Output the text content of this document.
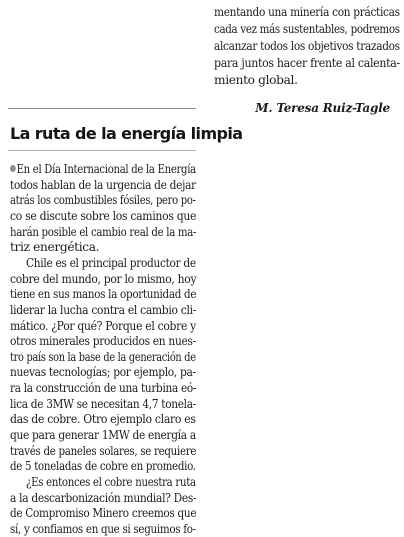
mentando una minería con prácticas
cada vez más sustentables, podremos
alcanzar todos los objetivos trazados
para juntos hacer frente al calenta-
miento global.
M. Teresa Ruiz-Tagle
La ruta de la energía limpia
En el Día Internacional de la Energía
todos hablan de la urgencia de dejar
atrás los combustibles fósiles, pero po-
co se discute sobre los caminos que
harán posible el cambio real de la ma-
triz energética.
Chile es el principal productor de
cobre del mundo, por lo mismo, hoy
tiene en sus manos la oportunidad de
liderar la lucha contra el cambio cli-
mático. ¿Por qué? Porque el cobre y
otros minerales producidos en nues-
tro país son la base de la generación de
nuevas tecnologías; por ejemplo, pa-
ra la construcción de una turbina eó-
lica de 3MW se necesitan 4,7 tonela-
das de cobre. Otro ejemplo claro es
que para generar 1MW de energía a
través de paneles solares, se requiere
de 5 toneladas de cobre en promedio.
¿Es entonces el cobre nuestra ruta
a la descarbonización mundial? Des-
de Compromiso Minero creemos que
sí, y confiamos en que si seguimos fo-
